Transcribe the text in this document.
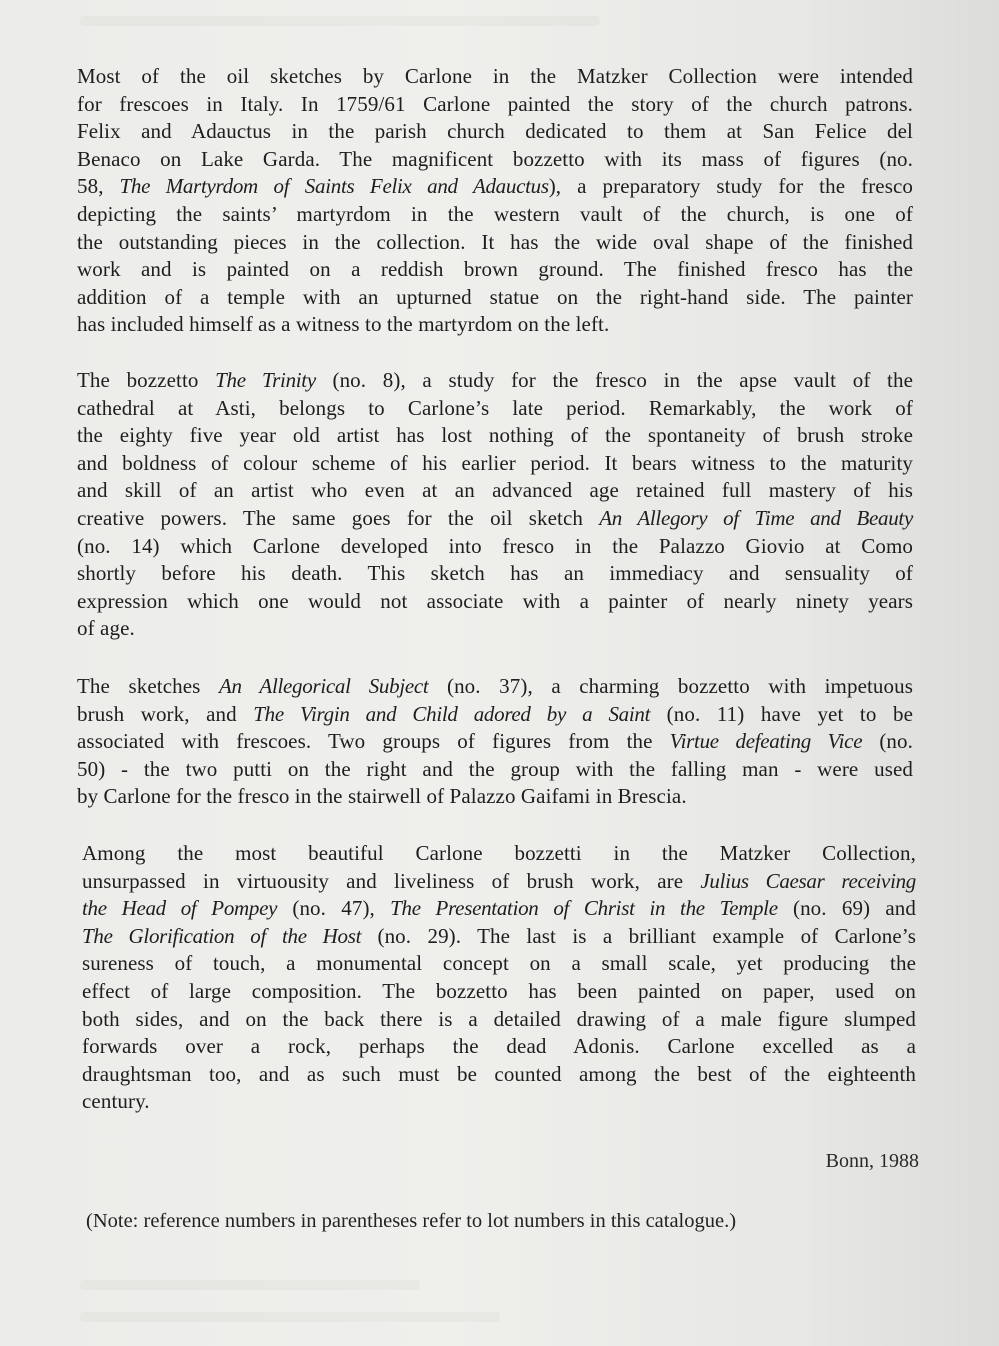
Most of the oil sketches by Carlone in the Matzker Collection were intended
for frescoes in Italy. In 1759/61 Carlone painted the story of the church patrons.
Felix and Adauctus in the parish church dedicated to them at San Felice del
Benaco on Lake Garda. The magnificent bozzetto with its mass of figures (no.
58, The Martyrdom of Saints Felix and Adauctus), a preparatory study for the fresco
depicting the saints’ martyrdom in the western vault of the church, is one of
the outstanding pieces in the collection. It has the wide oval shape of the finished
work and is painted on a reddish brown ground. The finished fresco has the
addition of a temple with an upturned statue on the right-hand side. The painter
has included himself as a witness to the martyrdom on the left.
The bozzetto The Trinity (no. 8), a study for the fresco in the apse vault of the
cathedral at Asti, belongs to Carlone’s late period. Remarkably, the work of
the eighty five year old artist has lost nothing of the spontaneity of brush stroke
and boldness of colour scheme of his earlier period. It bears witness to the maturity
and skill of an artist who even at an advanced age retained full mastery of his
creative powers. The same goes for the oil sketch An Allegory of Time and Beauty
(no. 14) which Carlone developed into fresco in the Palazzo Giovio at Como
shortly before his death. This sketch has an immediacy and sensuality of
expression which one would not associate with a painter of nearly ninety years
of age.
The sketches An Allegorical Subject (no. 37), a charming bozzetto with impetuous
brush work, and The Virgin and Child adored by a Saint (no. 11) have yet to be
associated with frescoes. Two groups of figures from the Virtue defeating Vice (no.
50) - the two putti on the right and the group with the falling man - were used
by Carlone for the fresco in the stairwell of Palazzo Gaifami in Brescia.
Among the most beautiful Carlone bozzetti in the Matzker Collection,
unsurpassed in virtuousity and liveliness of brush work, are Julius Caesar receiving
the Head of Pompey (no. 47), The Presentation of Christ in the Temple (no. 69) and
The Glorification of the Host (no. 29). The last is a brilliant example of Carlone’s
sureness of touch, a monumental concept on a small scale, yet producing the
effect of large composition. The bozzetto has been painted on paper, used on
both sides, and on the back there is a detailed drawing of a male figure slumped
forwards over a rock, perhaps the dead Adonis. Carlone excelled as a
draughtsman too, and as such must be counted among the best of the eighteenth
century.
Bonn, 1988
(Note: reference numbers in parentheses refer to lot numbers in this catalogue.)
